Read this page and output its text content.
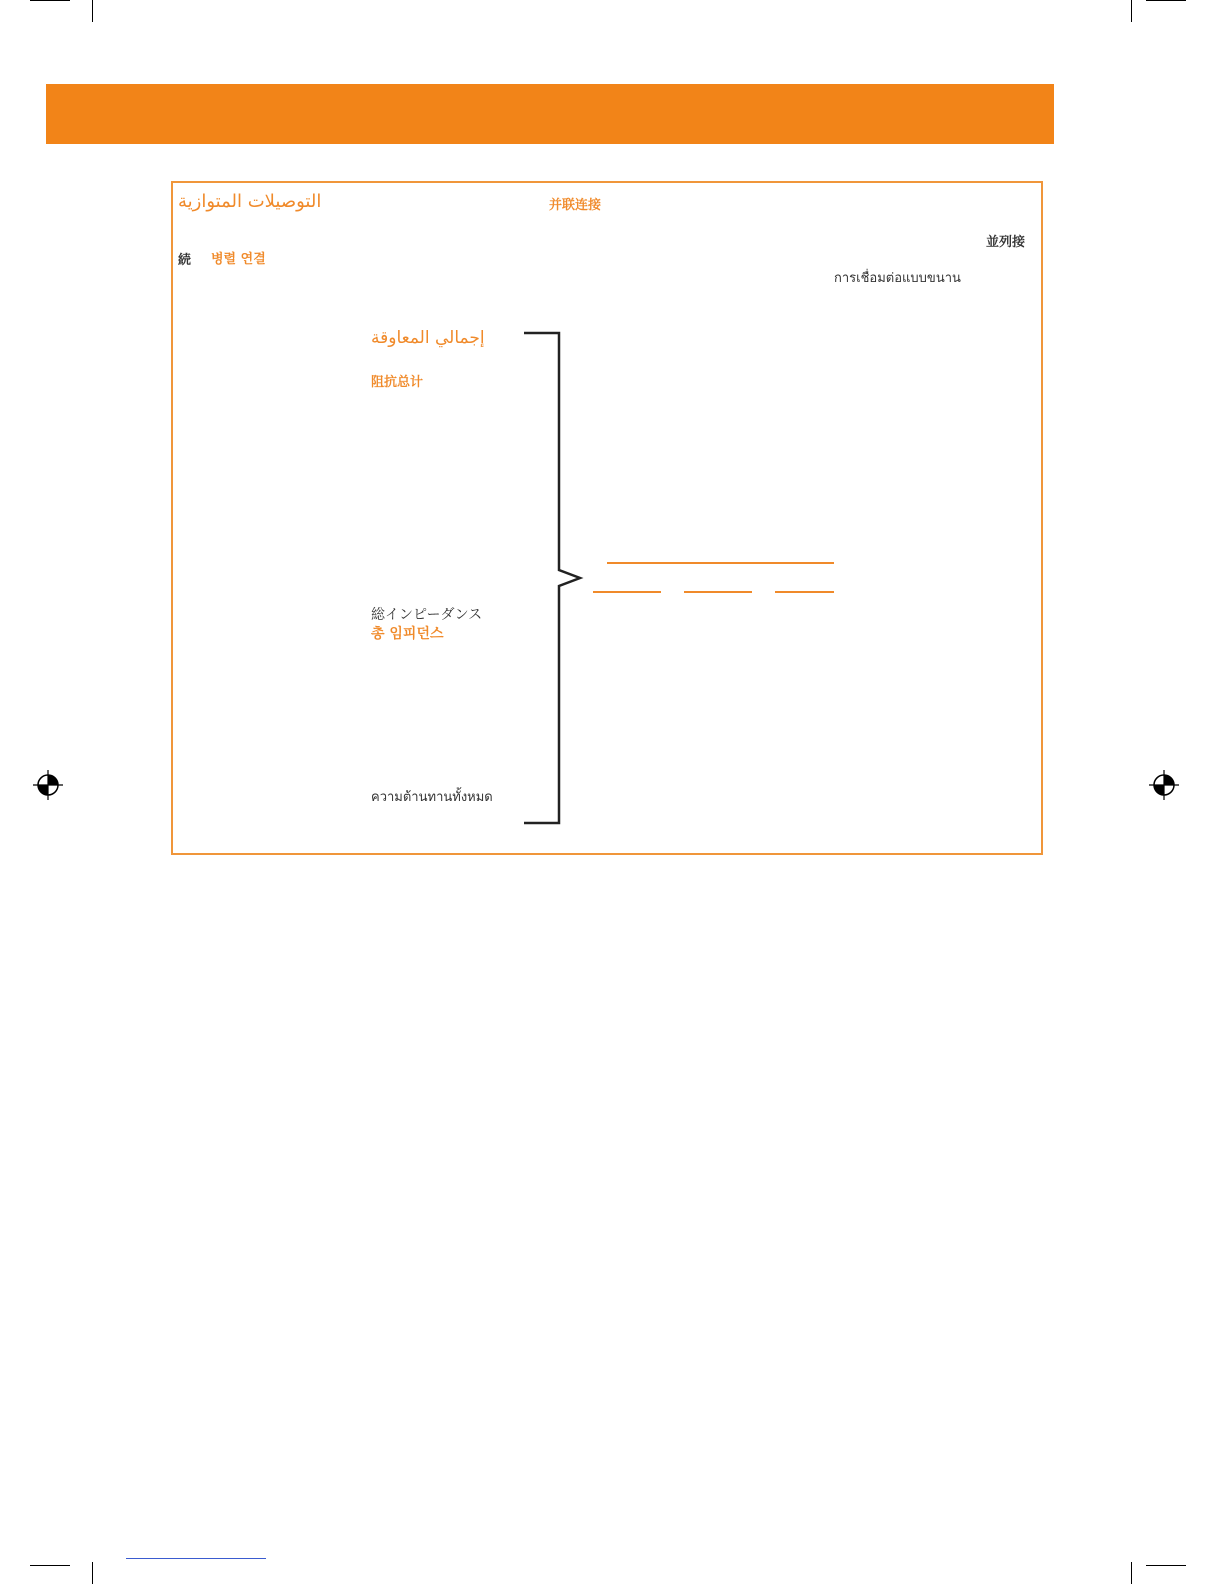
التوصيلات المتوازية	并联连接
並列接
続 병렬 연결
การเชื่อมต่อแบบขนาน
إجمالي المعاوقة
阻抗总计
総インピーダンス
총 임피던스
ความต้านทานทั้งหมด
